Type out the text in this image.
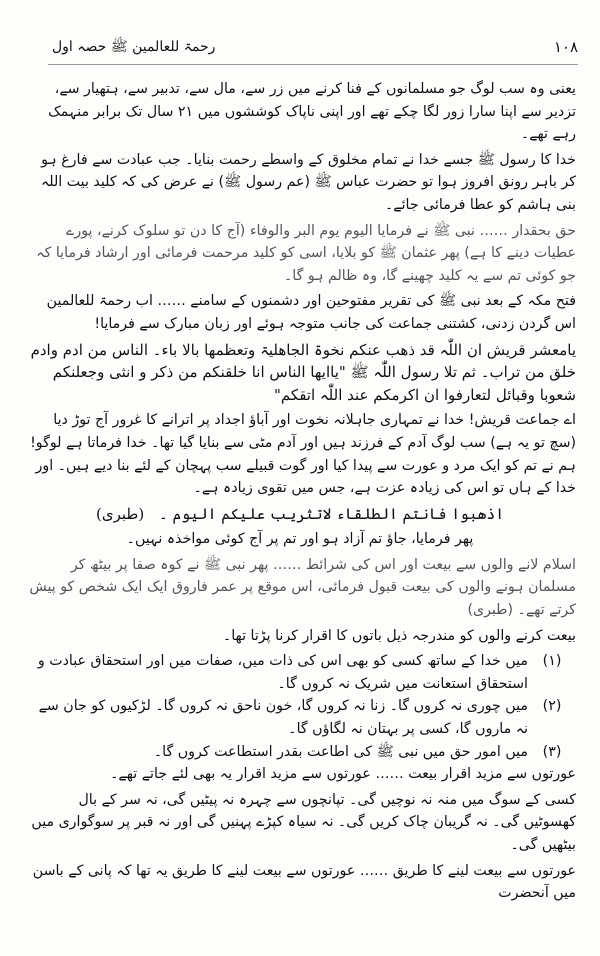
رحمۃ للعالمین ﷺ حصہ اول	۱۰۸

یعنی وہ سب لوگ جو مسلمانوں کے فنا کرنے میں زر سے، مال سے، تدبیر سے، ہتھیار سے، تزدیر سے اپنا سارا زور لگا چکے تھے اور اپنی ناپاک کوششوں میں ۲۱ سال تک برابر منہمک رہے تھے۔

خدا کا رسول ﷺ جسے خدا نے تمام مخلوق کے واسطے رحمت بنایا۔ جب عبادت سے فارغ ہو کر باہر رونق افروز ہوا تو حضرت عباس ﷺ (عم رسول ﷺ) نے عرض کی کہ کلید بیت اللہ بنی ہاشم کو عطا فرمائی جائے۔

حق بحقدار …… نبی ﷺ نے فرمایا الیوم یوم البر والوفاء (آج کا دن تو سلوک کرنے، پورے عطیات دینے کا ہے) پھر عثمان ﷺ کو بلایا، اسی کو کلید مرحمت فرمائی اور ارشاد فرمایا کہ جو کوئی تم سے یہ کلید چھینے گا، وہ ظالم ہو گا۔

فتح مکہ کے بعد نبی ﷺ کی تقریر مفتوحین اور دشمنوں کے سامنے …… اب رحمۃ للعالمین اس گردن زدنی، کشتنی جماعت کی جانب متوجہ ہوئے اور زبان مبارک سے فرمایا!

یامعشر قریش ان اللّٰہ قد ذھب عنکم نخوۃ الجاھلیۃ وتعظمھا بالا باء۔ الناس من ادم وادم خلق من تراب۔ ثم تلا رسول اللّٰہ ﷺ "یاایھا الناس انا خلقنکم من ذکر و انثی وجعلنکم شعوبا وقبائل لتعارفوا ان اکرمکم عند اللّٰہ اتقکم"

اے جماعت قریش! خدا نے تمہاری جاہلانہ نخوت اور آباؤ اجداد پر اترانے کا غرور آج توڑ دیا (سچ تو یہ ہے) سب لوگ آدم کے فرزند ہیں اور آدم مٹی سے بنایا گیا تھا۔ خدا فرماتا ہے لوگو! ہم نے تم کو ایک مرد و عورت سے پیدا کیا اور گوت قبیلے سب پہچان کے لئے بنا دیے ہیں۔ اور خدا کے ہاں تو اس کی زیادہ عزت ہے، جس میں تقوی زیادہ ہے۔

اذھبوا فانتم الطلقاء لاتثریب علیکم الیوم ۔ (طبری)

پھر فرمایا، جاؤ تم آزاد ہو اور تم پر آج کوئی مواخذہ نہیں۔

اسلام لانے والوں سے بیعت اور اس کی شرائط …… پھر نبی ﷺ نے کوہ صفا پر بیٹھ کر مسلمان ہونے والوں کی بیعت قبول فرمائی، اس موقع پر عمر فاروق ایک ایک شخص کو پیش کرتے تھے۔ (طبری)

بیعت کرنے والوں کو مندرجہ ذیل باتوں کا اقرار کرنا پڑتا تھا۔

(۱)
میں خدا کے ساتھ کسی کو بھی اس کی ذات میں، صفات میں اور استحقاق عبادت و استحقاق استعانت میں شریک نہ کروں گا۔
(۲)
میں چوری نہ کروں گا۔ زنا نہ کروں گا، خون ناحق نہ کروں گا۔ لڑکیوں کو جان سے نہ ماروں گا، کسی پر بہتان نہ لگاؤں گا۔
(۳)
میں امور حق میں نبی ﷺ کی اطاعت بقدر استطاعت کروں گا۔

عورتوں سے مزید اقرار بیعت …… عورتوں سے مزید اقرار یہ بھی لئے جاتے تھے۔

کسی کے سوگ میں منہ نہ نوچیں گی۔ تپانچوں سے چہرہ نہ پیٹیں گی، نہ سر کے بال کھسوٹیں گی۔ نہ گریبان چاک کریں گی۔ نہ سیاہ کپڑے پہنیں گی اور نہ قبر پر سوگواری میں بیٹھیں گی۔

عورتوں سے بیعت لینے کا طریق …… عورتوں سے بیعت لینے کا طریق یہ تھا کہ پانی کے باسن میں آنحضرت
